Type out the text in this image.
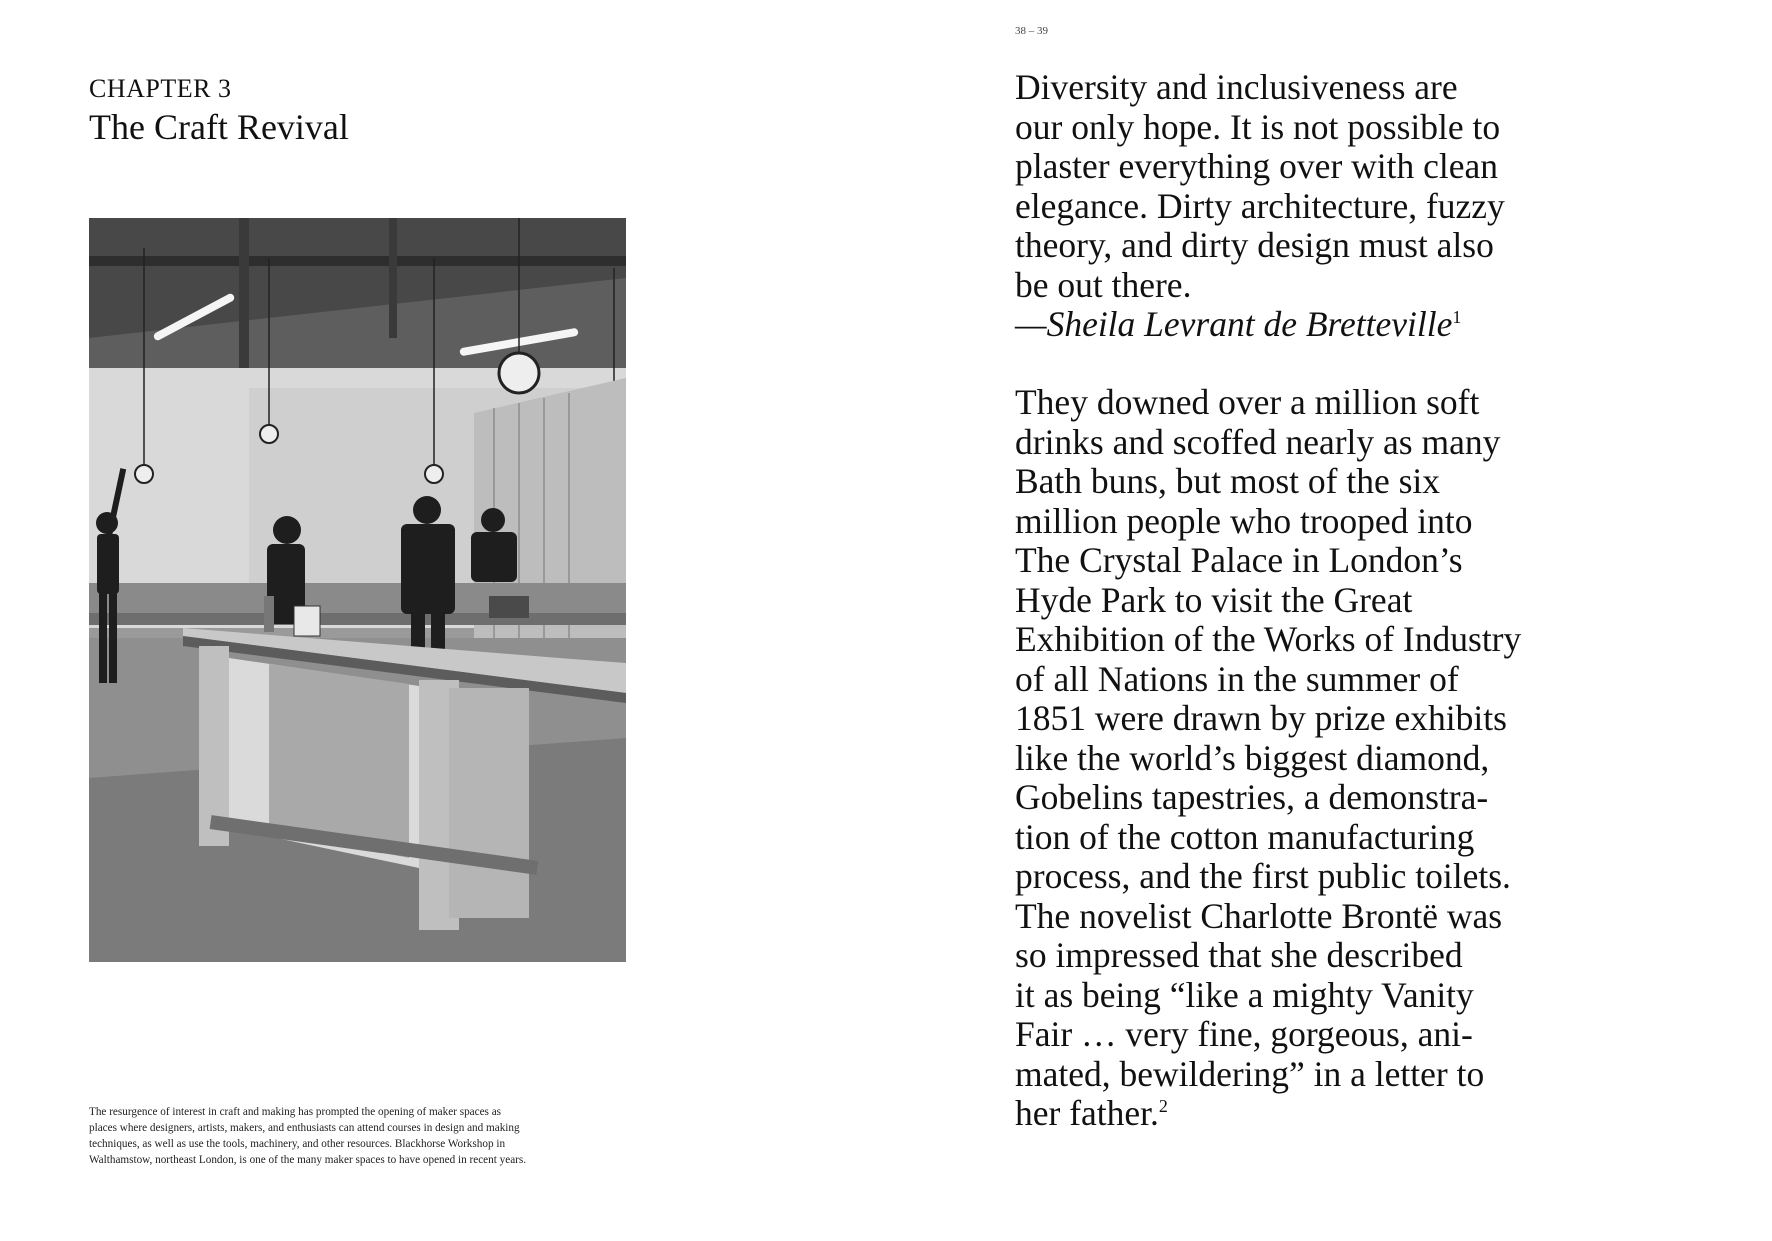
CHAPTER 3
The Craft Revival
The resurgence of interest in craft and making has prompted the opening of maker spaces as
places where designers, artists, makers, and enthusiasts can attend courses in design and making
techniques, as well as use the tools, machinery, and other resources. Blackhorse Workshop in
Walthamstow, northeast London, is one of the many maker spaces to have opened in recent years.
38 – 39
Diversity and inclusiveness are
our only hope. It is not possible to
plaster everything over with clean
elegance. Dirty architecture, fuzzy
theory, and dirty design must also
be out there.
—Sheila Levrant de Bretteville$^1$
They downed over a million soft
drinks and scoffed nearly as many
Bath buns, but most of the six
million people who trooped into
The Crystal Palace in London’s
Hyde Park to visit the Great
Exhibition of the Works of Industry
of all Nations in the summer of
1851 were drawn by prize exhibits
like the world’s biggest diamond,
Gobelins tapestries, a demonstra-
tion of the cotton manufacturing
process, and the first public toilets.
The novelist Charlotte Brontë was
so impressed that she described
it as being “like a mighty Vanity
Fair … very fine, gorgeous, ani-
mated, bewildering” in a letter to
her father.$^2$
